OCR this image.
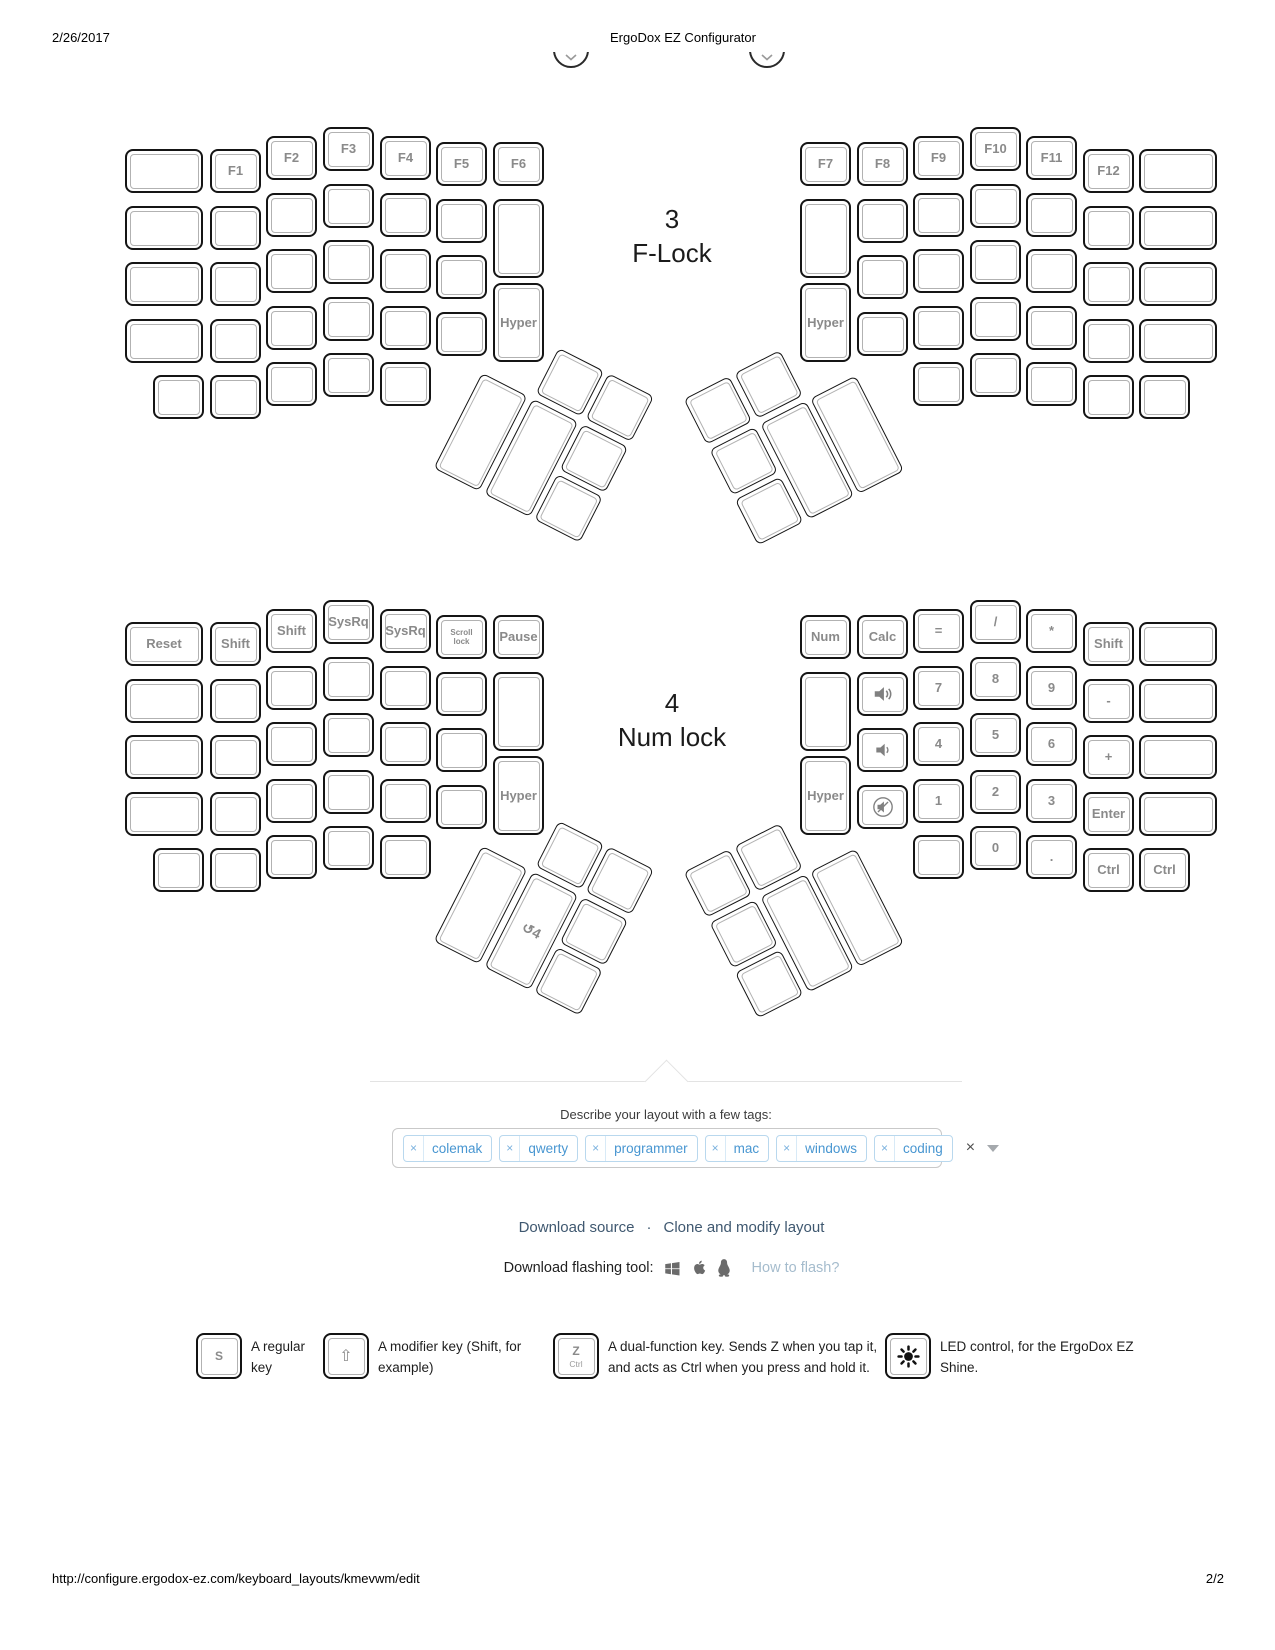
2/26/2017	ErgoDox EZ Configurator
3
F-Lock
F1
F2
F3
F4	F5	F6
Hyper
F7
Hyper
F8	F9
F10
F11
F12
4
Num lock
Reset	Shift
Shift
SysRq
SysRq	Scroll
lock Pause
Hyper
Num
Hyper
Calc	=
7
4
1
/
8
5
2
0
*
9
6
3
.
Shift
-
+
Enter
Ctrl	Ctrl
↺4
Describe your layout with a few tags:
×	colemak	×	qwerty	×	programmer	×	mac	×	windows	×	coding	×
Download source · Clone and modify layout
Download flashing tool:	How to flash?
S
A regular key
⇧
A modifier key (Shift, for example)
Z
Ctrl
A dual-function key. Sends Z when you tap it, and acts as Ctrl when you press and hold it.
LED control, for the ErgoDox EZ Shine.
http://configure.ergodox-ez.com/keyboard_layouts/kmevwm/edit	2/2
